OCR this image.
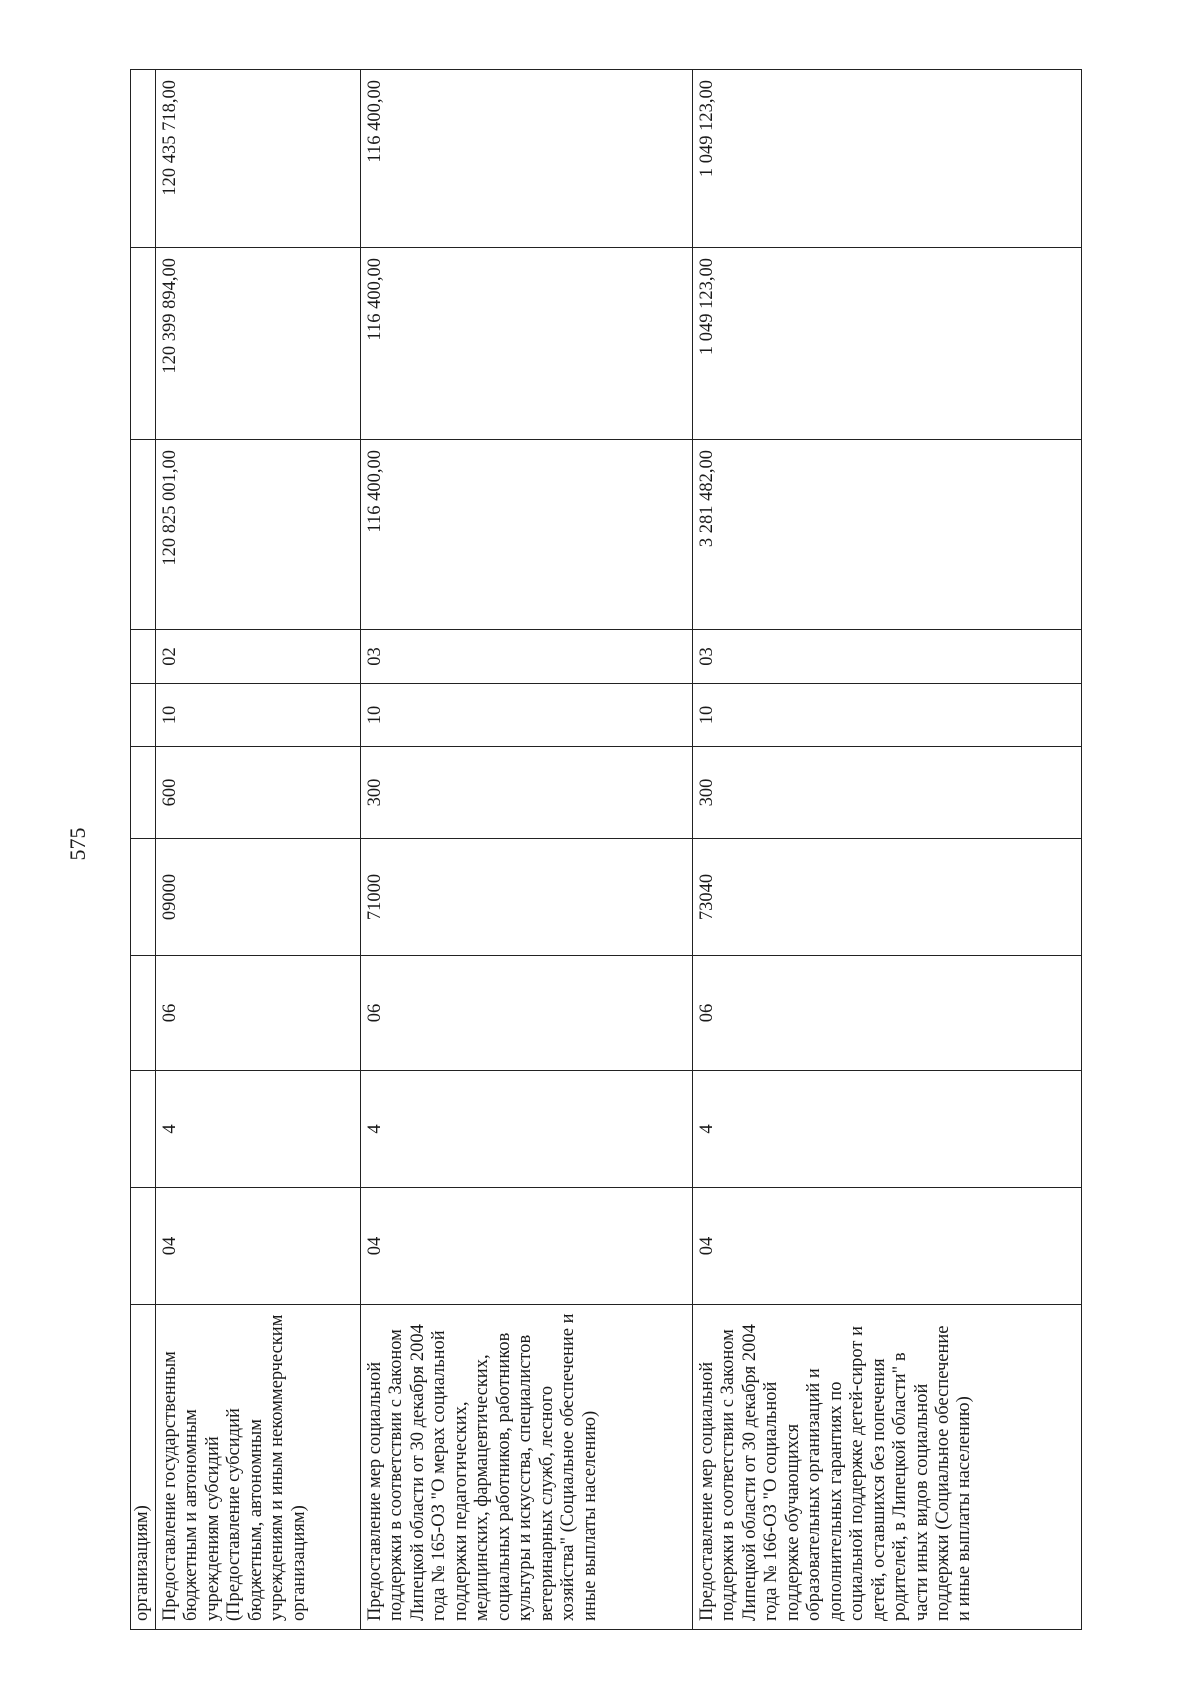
575
организациям)										
Предоставление государственным бюджетным и автономным учреждениям субсидий (Предоставление субсидий бюджетным, автономным учреждениям и иным некоммерческим организациям)	04	4	06	09000	600	10	02	120 825 001,00	120 399 894,00	120 435 718,00
Предоставление мер социальной поддержки в соответствии с Законом Липецкой области от 30 декабря 2004 года № 165-ОЗ "О мерах социальной поддержки педагогических, медицинских, фармацевтических, социальных работников, работников культуры и искусства, специалистов ветеринарных служб, лесного хозяйства" (Социальное обеспечение и иные выплаты населению)	04	4	06	71000	300	10	03	116 400,00	116 400,00	116 400,00
Предоставление мер социальной поддержки в соответствии с Законом Липецкой области от 30 декабря 2004 года № 166-ОЗ "О социальной поддержке обучающихся образовательных организаций и дополнительных гарантиях по социальной поддержке детей-сирот и детей, оставшихся без попечения родителей, в Липецкой области" в части иных видов социальной поддержки (Социальное обеспечение и иные выплаты населению)	04	4	06	73040	300	10	03	3 281 482,00	1 049 123,00	1 049 123,00
